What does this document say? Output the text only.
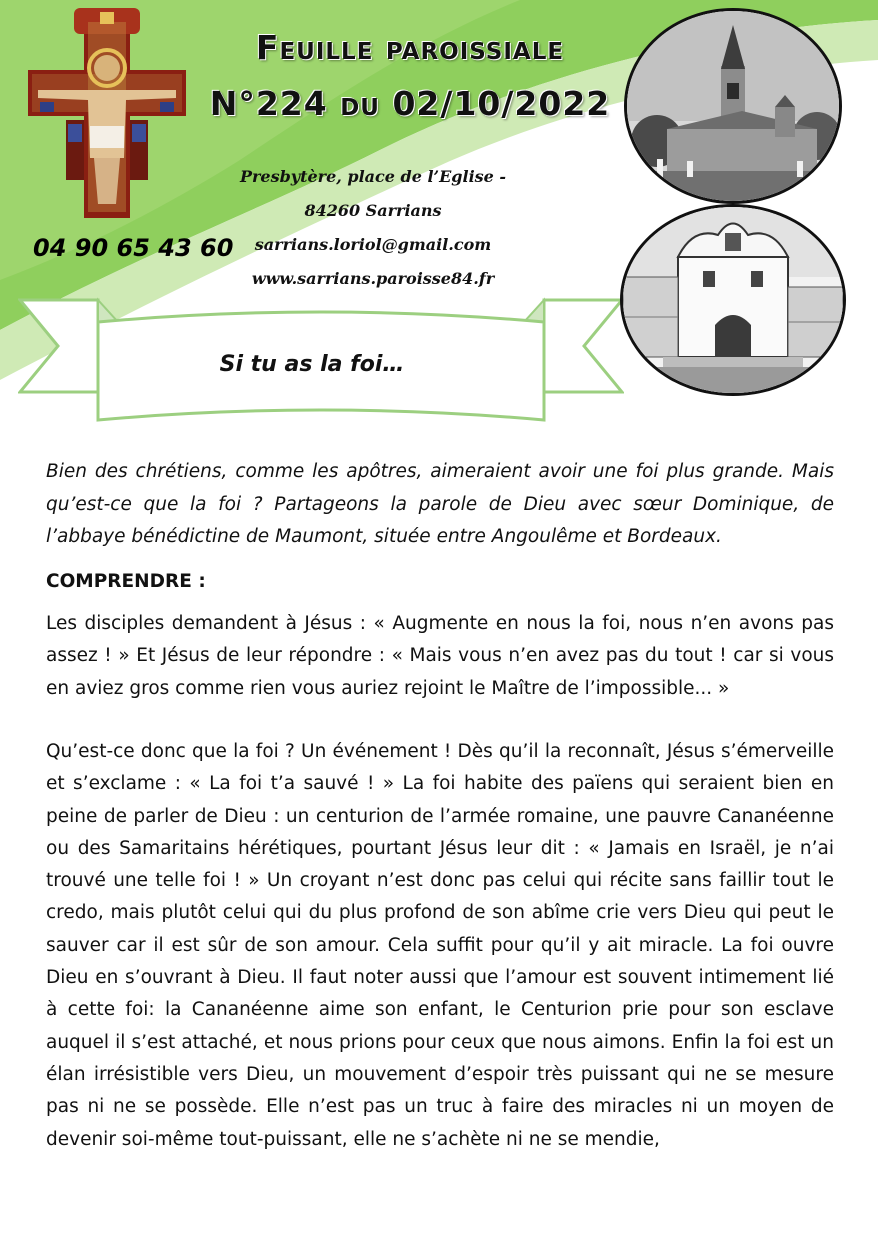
Feuille paroissiale
N°224 du 02/10/2022
Presbytère, place de l’Eglise -
84260 Sarrians
sarrians.loriol@gmail.com
www.sarrians.paroisse84.fr
04 90 65 43 60
Si tu as la foi…

Bien des chrétiens, comme les apôtres, aimeraient avoir une foi plus grande. Mais qu’est-ce que la foi ? Partageons la parole de Dieu avec sœur Dominique, de l’abbaye bénédictine de Maumont, située entre Angoulême et Bordeaux.

COMPRENDRE :

Les disciples demandent à Jésus : « Augmente en nous la foi, nous n’en avons pas assez ! » Et Jésus de leur répondre : « Mais vous n’en avez pas du tout ! car si vous en aviez gros comme rien vous auriez rejoint le Maître de l’impossible... »

Qu’est-ce donc que la foi ? Un événement ! Dès qu’il la reconnaît, Jésus s’émerveille et s’exclame : « La foi t’a sauvé ! » La foi habite des païens qui seraient bien en peine de parler de Dieu : un centurion de l’armée romaine, une pauvre Cananéenne ou des Samaritains hérétiques, pourtant Jésus leur dit : « Jamais en Israël, je n’ai trouvé une telle foi ! » Un croyant n’est donc pas celui qui récite sans faillir tout le credo, mais plutôt celui qui du plus profond de son abîme crie vers Dieu qui peut le sauver car il est sûr de son amour. Cela suffit pour qu’il y ait miracle. La foi ouvre Dieu en s’ouvrant à Dieu. Il faut noter aussi que l’amour est souvent intimement lié à cette foi: la Cananéenne aime son enfant, le Centurion prie pour son esclave auquel il s’est attaché, et nous prions pour ceux que nous aimons. Enfin la foi est un élan irrésistible vers Dieu, un mouvement d’espoir très puissant qui ne se mesure pas ni ne se possède. Elle n’est pas un truc à faire des miracles ni un moyen de devenir soi-même tout-puissant, elle ne s’achète ni ne se mendie,
